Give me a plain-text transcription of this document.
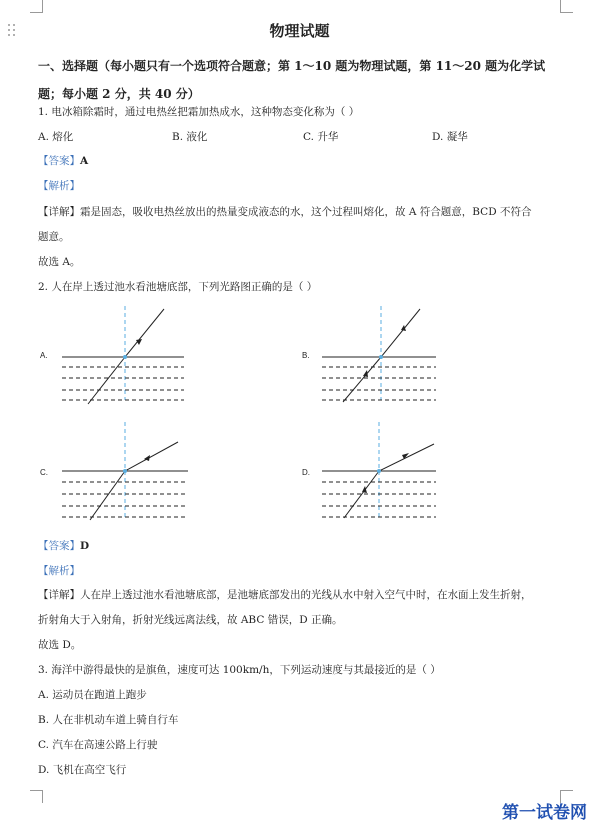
物理试题
一、选择题（每小题只有一个选项符合题意；第 1～10 题为物理试题，第 11～20 题为化学试
题；每小题 2 分，共 40 分）
1. 电冰箱除霜时，通过电热丝把霜加热成水，这种物态变化称为（ ）
A. 熔化	B. 液化	C. 升华	D. 凝华
【答案】A
【解析】
【详解】霜是固态，吸收电热丝放出的热量变成液态的水，这个过程叫熔化，故 A 符合题意，BCD 不符合
题意。
故选 A。
2. 人在岸上透过池水看池塘底部，下列光路图正确的是（ ）
A.	B.
C.	D.
【答案】D
【解析】
【详解】人在岸上透过池水看池塘底部，是池塘底部发出的光线从水中射入空气中时，在水面上发生折射，
折射角大于入射角，折射光线远离法线，故 ABC 错误，D 正确。
故选 D。
3. 海洋中游得最快的是旗鱼，速度可达 100km/h，下列运动速度与其最接近的是（ ）
A. 运动员在跑道上跑步
B. 人在非机动车道上骑自行车
C. 汽车在高速公路上行驶
D. 飞机在高空飞行
第一试卷网
